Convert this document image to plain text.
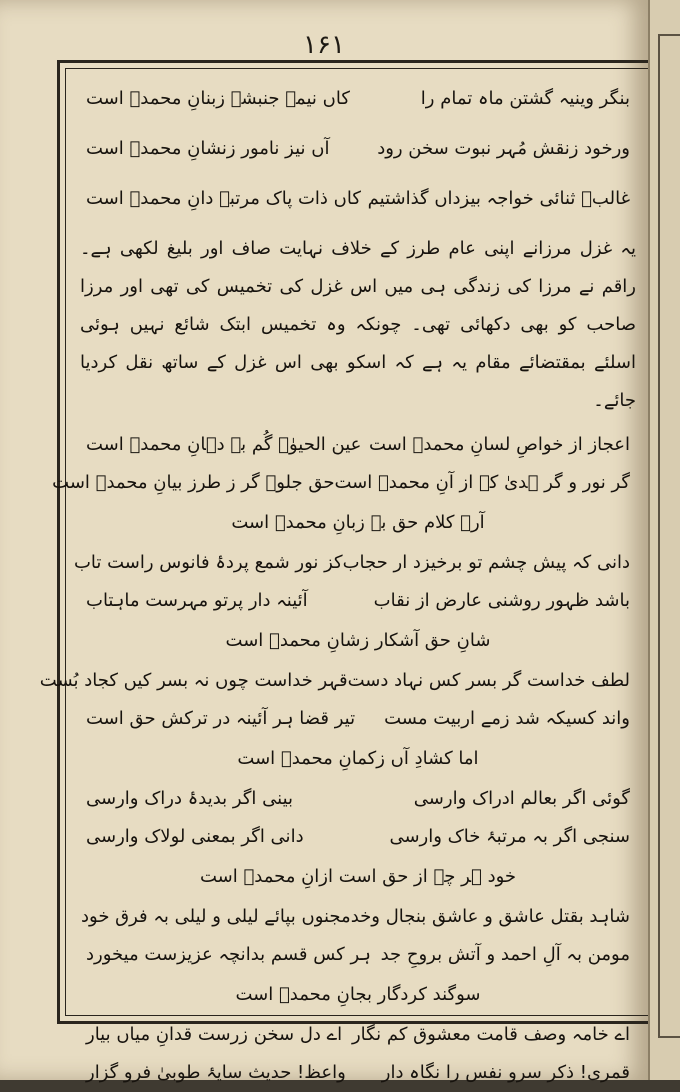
۱۶۱
بنگر وینیہ گشتن ماہ تمام را
کاں نیمہ جنبشے زبنانِ محمدؐ است
ورخود زنقش مُہر نبوت سخن رود
آں نیز نامور زنشانِ محمدؐ است
غالبؔ ثنائی خواجہ بیزداں گذاشتیم
کاں ذات پاک مرتبہ دانِ محمدؐ است
یہ غزل مرزانے اپنی عام طرز کے خلاف نہایت صاف اور بلیغ لکھی ہے۔ راقم نے مرزا کی زندگی ہی میں اس غزل کی تخمیس کی تھی اور مرزا صاحب کو بھی دکھائی تھی۔ چونکہ وہ تخمیس ابتک شائع نہیں ہوئی اسلئے بمقتضائے مقام یہ ہے کہ اسکو بھی اس غزل کے ساتھ نقل کردیا جائے۔
اعجاز از خواصِ لسانِ محمدؐ است
عین الحیوٰۃ گُم بہ دہانِ محمدؐ است
گر نور و گر ہدیٰ کہ از آنِ محمدؐ است
حق جلوہ گر ز طرز بیانِ محمدؐ است
آرے کلام حق بہ زبانِ محمدؐ است
دانی کہ پیش چشم تو برخیزد ار حجاب
کز نور شمع پردۂ فانوس راست تاب
باشد ظہور روشنی عارض از نقاب
آئینہ دار پرتو مہرست ماہتاب
شانِ حق آشکار زشانِ محمدؐ است
لطف خداست گر بسر کس نہاد دست
قہر خداست چوں نہ بسر کیں کجاد بُست
واند کسیکہ شد زمے اربیت مست
تیر قضا ہر آئینہ در ترکش حق است
اما کشادِ آں زکمانِ محمدؐ است
گوئی اگر بعالم ادراک وارسی
بینی اگر بدیدۂ دراک وارسی
سنجی اگر بہ مرتبۂ خاک وارسی
دانی اگر بمعنی لولاک وارسی
خود ہر چہ از حق است ازانِ محمدؐ است
شاہد بقتل عاشق و عاشق بنجال وخد
مجنوں بپائے لیلی و لیلی بہ فرق خود
مومن بہ آلِ احمد و آتش بروحِ جد
ہر کس قسم بدانچہ عزیزست میخورد
سوگند کردگار بجانِ محمدؐ است
اے خامہ وصف قامت معشوق کم نگار
اے دل سخن زرست قدانِ میاں بیار
قمری! ذکر سرو نفس را نگاہ دار
واعظ! حدیث سایۂ طوبیٰ فرو گزار
